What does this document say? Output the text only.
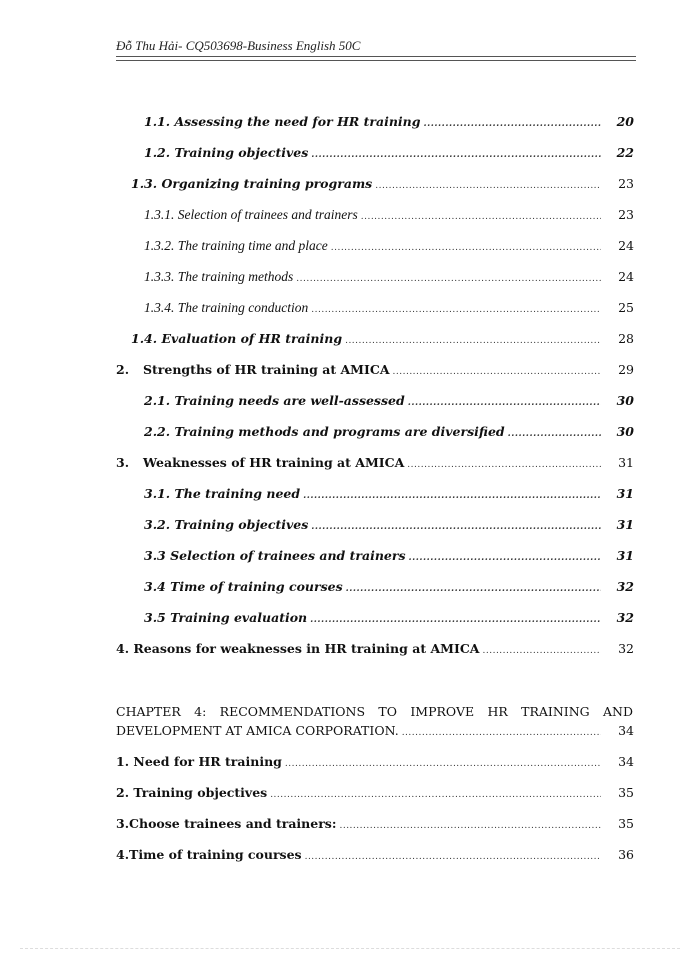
Đỗ Thu Hải- CQ503698-Business English 50C
1.1. Assessing the need for HR training .....	20
1.2. Training objectives .....	22
1.3. Organizing training programs .....	23
1.3.1. Selection of trainees and trainers .....	23
1.3.2. The training time and place .....	24
1.3.3. The training methods .....	24
1.3.4. The training conduction .....	25
1.4. Evaluation of HR training .....	28
2.	Strengths of HR training at AMICA .....	29
2.1. Training needs are well-assessed .....	30
2.2. Training methods and programs are diversified .....	30
3.	Weaknesses of HR training at AMICA .....	31
3.1. The training need .....	31
3.2. Training objectives .....	31
3.3 Selection of trainees and trainers .....	31
3.4 Time of training courses .....	32
3.5 Training evaluation .....	32
4. Reasons for weaknesses in HR training at AMICA .....	32
CHAPTER 4: RECOMMENDATIONS TO IMPROVE HR TRAINING AND
DEVELOPMENT AT AMICA CORPORATION. .....	34
1. Need for HR training .....	34
2. Training objectives .....	35
3.Choose trainees and trainers: .....	35
4.Time of training courses .....	36
